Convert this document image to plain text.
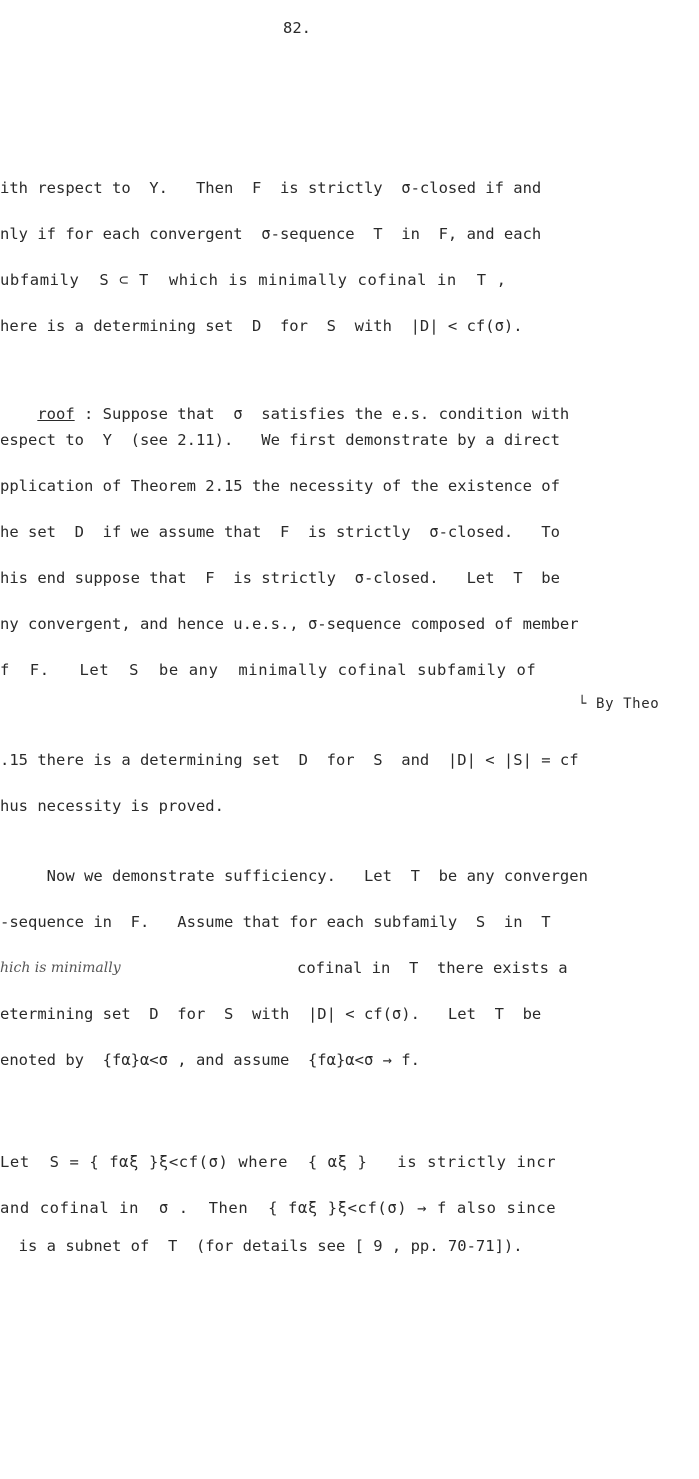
82.
ith respect to  Y.   Then  F  is strictly  σ-closed if and
nly if for each convergent  σ-sequence  T  in  F, and each
ubfamily  S ⊂ T  which is minimally cofinal in  T ,
here is a determining set  D  for  S  with  |D| < cf(σ).

roof : Suppose that  σ  satisfies the e.s. condition with

espect to  Y  (see 2.11).   We first demonstrate by a direct
pplication of Theorem 2.15 the necessity of the existence of
he set  D  if we assume that  F  is strictly  σ-closed.   To
his end suppose that  F  is strictly  σ-closed.   Let  T  be
ny convergent, and hence u.e.s., σ-sequence composed of member
f  F.   Let  S  be any  minimally cofinal subfamily of
└ By Theo
.15 there is a determining set  D  for  S  and  |D| < |S| = cf
hus necessity is proved.
Now we demonstrate sufficiency.   Let  T  be any convergen
-sequence in  F.   Assume that for each subfamily  S  in  T
hich is minimally	cofinal in  T  there exists a
etermining set  D  for  S  with  |D| < cf(σ).   Let  T  be
enoted by  {fα}α<σ , and assume  {fα}α<σ → f.
Let  S = { fαξ }ξ<cf(σ) where  { αξ }   is strictly incr
and cofinal in  σ .  Then  { fαξ }ξ<cf(σ) → f also since
is a subnet of  T  (for details see [ 9 , pp. 70-71]).
